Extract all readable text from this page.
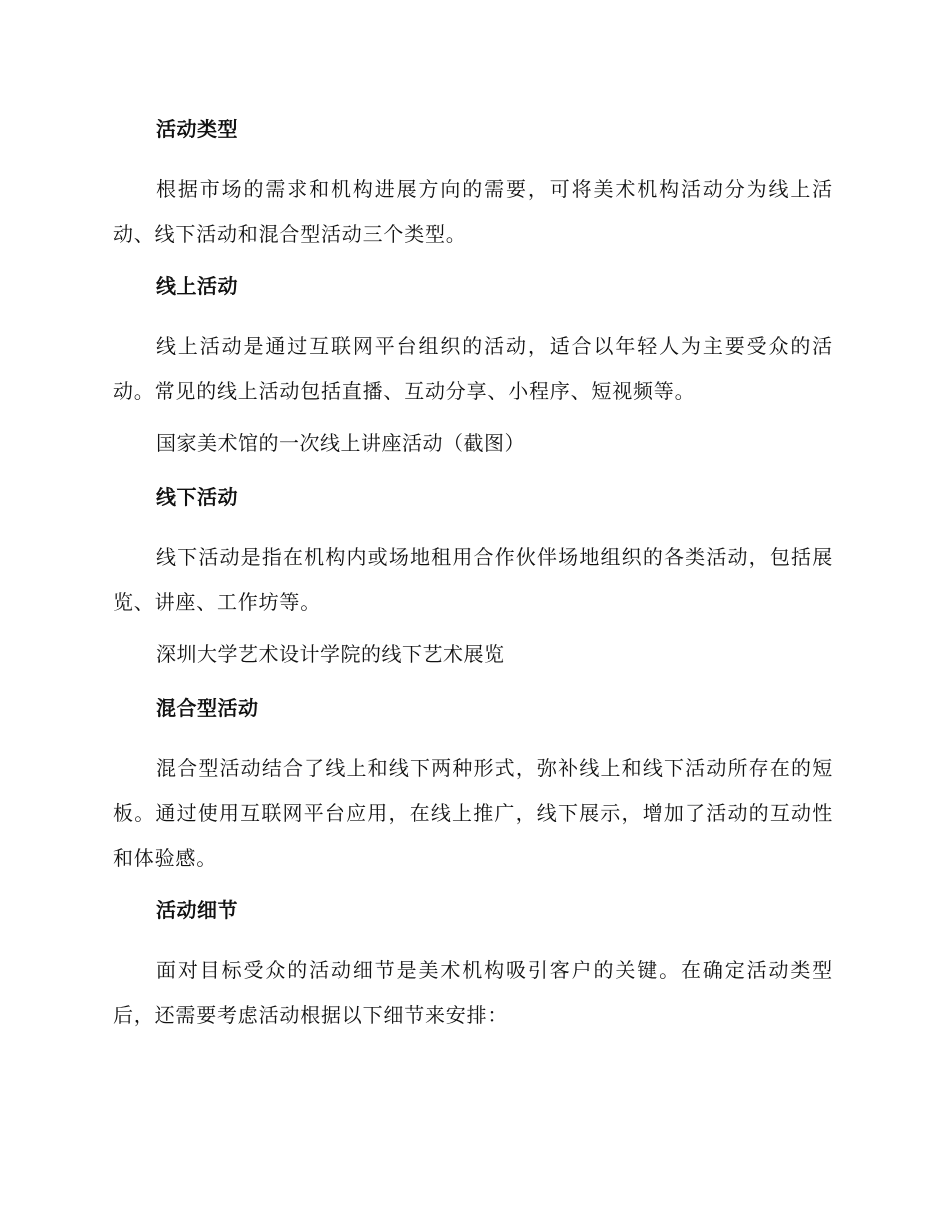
活动类型

根据市场的需求和机构进展方向的需要，可将美术机构活动分为线上活动、线下活动和混合型活动三个类型。

线上活动

线上活动是通过互联网平台组织的活动，适合以年轻人为主要受众的活动。常见的线上活动包括直播、互动分享、小程序、短视频等。

国家美术馆的一次线上讲座活动（截图）

线下活动

线下活动是指在机构内或场地租用合作伙伴场地组织的各类活动，包括展览、讲座、工作坊等。

深圳大学艺术设计学院的线下艺术展览

混合型活动

混合型活动结合了线上和线下两种形式，弥补线上和线下活动所存在的短板。通过使用互联网平台应用，在线上推广，线下展示，增加了活动的互动性和体验感。

活动细节

面对目标受众的活动细节是美术机构吸引客户的关键。在确定活动类型后，还需要考虑活动根据以下细节来安排：
